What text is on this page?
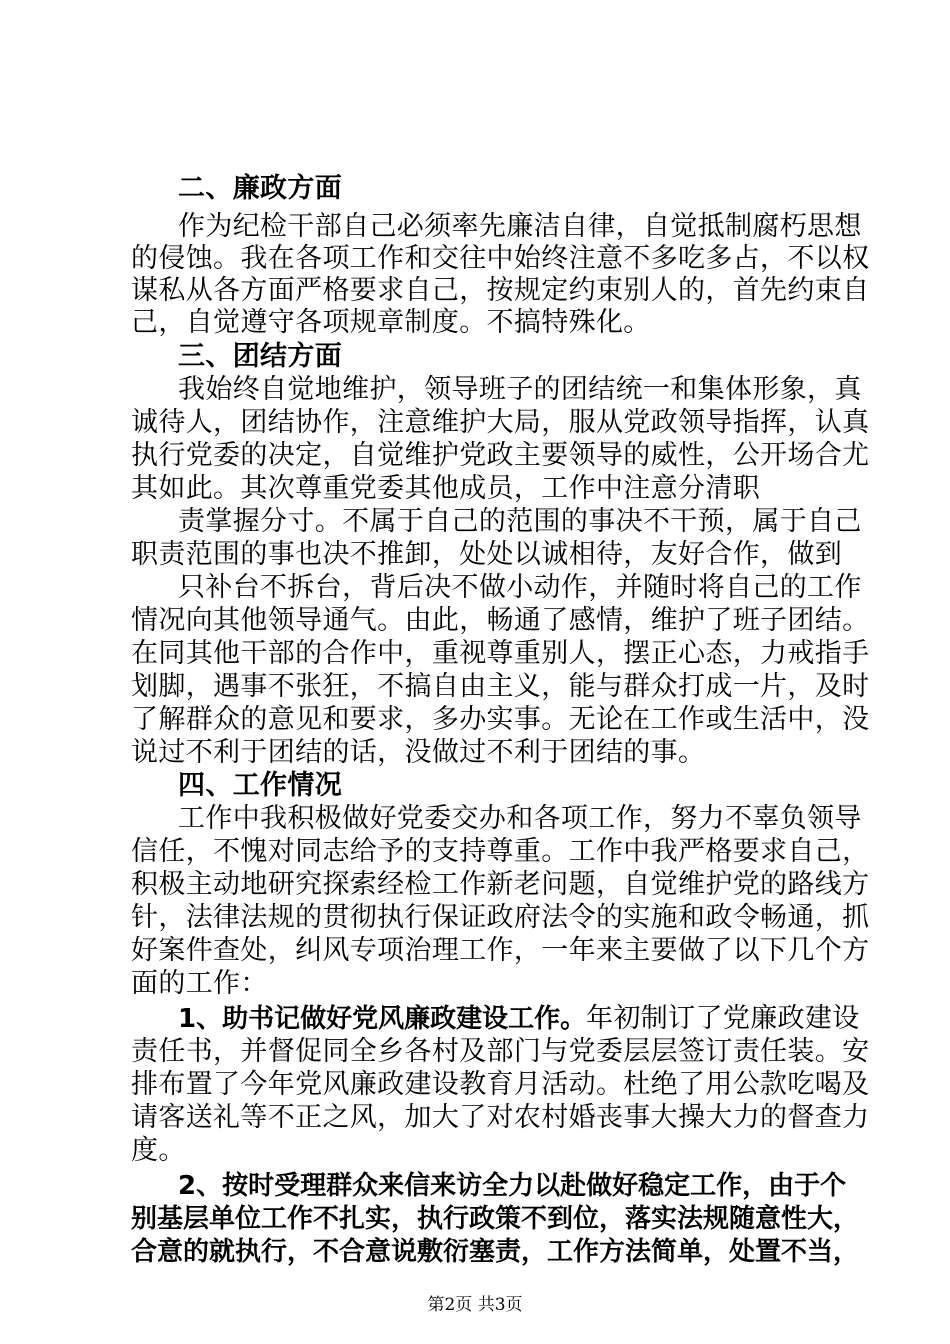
二、廉政方面
作为纪检干部自己必须率先廉洁自律，自觉抵制腐朽思想
的侵蚀。我在各项工作和交往中始终注意不多吃多占，不以权
谋私从各方面严格要求自己，按规定约束别人的，首先约束自
己，自觉遵守各项规章制度。不搞特殊化。
三、团结方面
我始终自觉地维护，领导班子的团结统一和集体形象，真
诚待人，团结协作，注意维护大局，服从党政领导指挥，认真
执行党委的决定，自觉维护党政主要领导的威性，公开场合尤
其如此。其次尊重党委其他成员，工作中注意分清职
责掌握分寸。不属于自己的范围的事决不干预，属于自己
职责范围的事也决不推卸，处处以诚相待，友好合作，做到
只补台不拆台，背后决不做小动作，并随时将自己的工作
情况向其他领导通气。由此，畅通了感情，维护了班子团结。
在同其他干部的合作中，重视尊重别人，摆正心态，力戒指手
划脚，遇事不张狂，不搞自由主义，能与群众打成一片，及时
了解群众的意见和要求，多办实事。无论在工作或生活中，没
说过不利于团结的话，没做过不利于团结的事。
四、工作情况
工作中我积极做好党委交办和各项工作，努力不辜负领导
信任，不愧对同志给予的支持尊重。工作中我严格要求自己，
积极主动地研究探索经检工作新老问题，自觉维护党的路线方
针，法律法规的贯彻执行保证政府法令的实施和政令畅通，抓
好案件查处，纠风专项治理工作，一年来主要做了以下几个方
面的工作：
1、助书记做好党风廉政建设工作。年初制订了党廉政建设
责任书，并督促同全乡各村及部门与党委层层签订责任装。安
排布置了今年党风廉政建设教育月活动。杜绝了用公款吃喝及
请客送礼等不正之风，加大了对农村婚丧事大操大力的督查力
度。
2、按时受理群众来信来访全力以赴做好稳定工作，由于个
别基层单位工作不扎实，执行政策不到位，落实法规随意性大，
合意的就执行，不合意说敷衍塞责，工作方法简单，处置不当，
第2页 共3页
